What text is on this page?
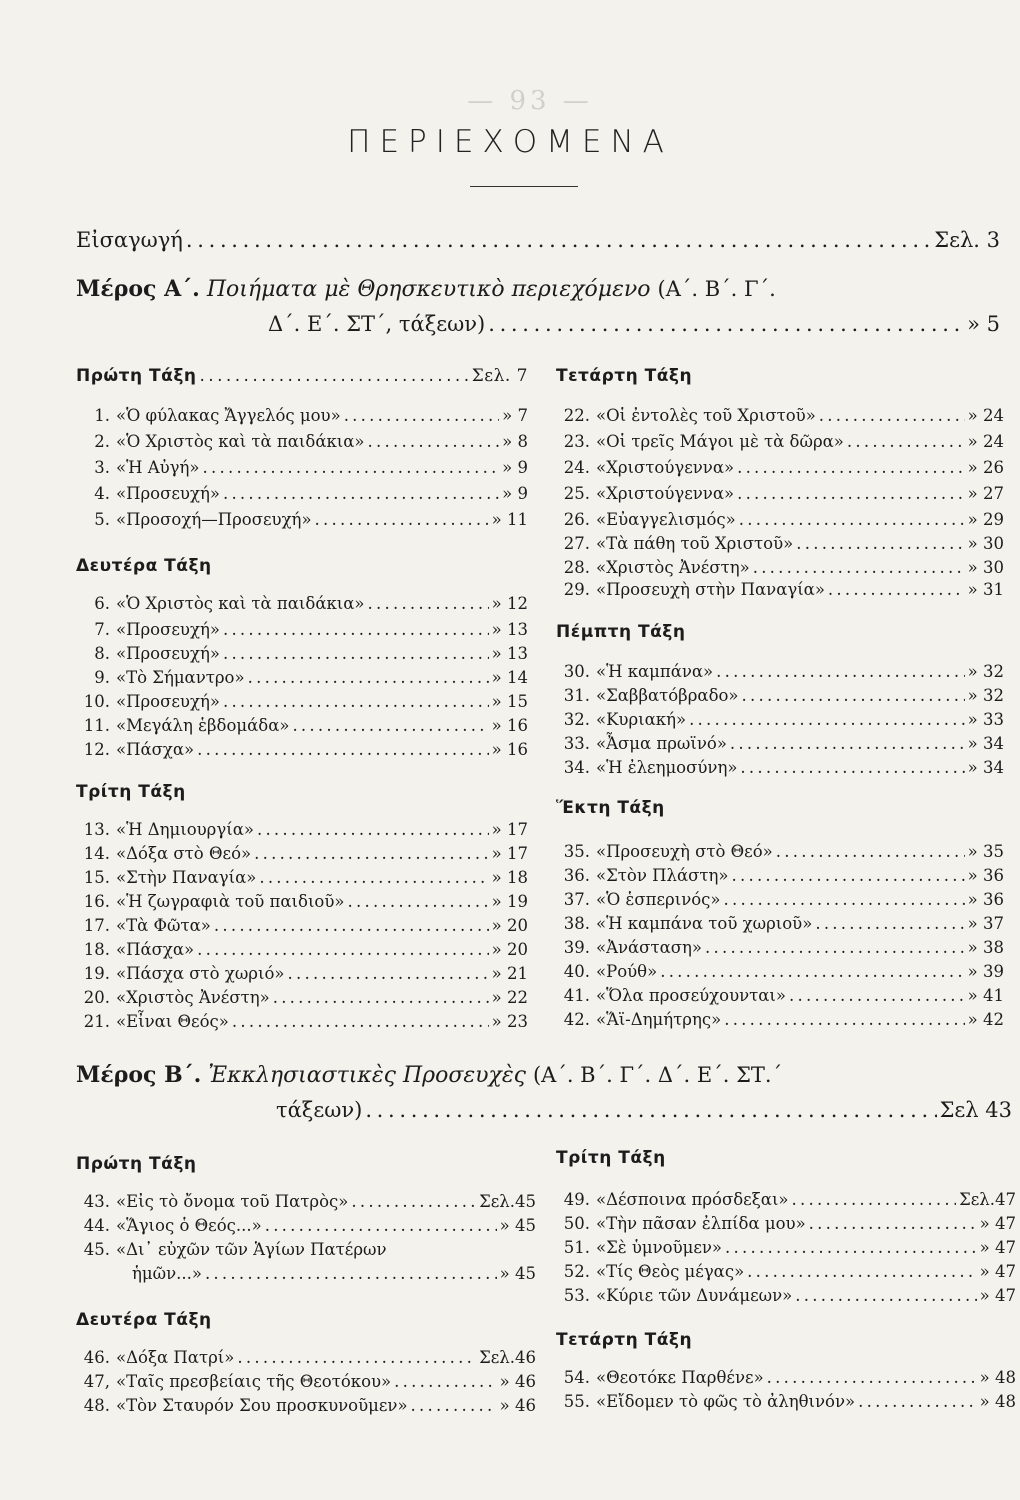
— 93 —
ΠΕΡΙΕΧΟΜΕΝΑ
Εἰσαγωγή . . .	Σελ. 3
Μέρος Α΄. Ποιήματα μὲ Θρησκευτικὸ περιεχόμενο (Α΄. Β΄. Γ΄.
Δ΄. Ε΄. ΣΤ΄, τάξεων) . . .	» 5
Πρώτη Τάξη . . .	Σελ. 7
1. «Ὁ φύλακας Ἄγγελός μου» . . .	» 7
2. «Ὁ Χριστὸς καὶ τὰ παιδάκια» . . .	» 8
3. «Ἡ Αὐγή» . . .	» 9
4. «Προσευχή» . . .	» 9
5. «Προσοχή—Προσευχή» . . .	» 11
Δευτέρα Τάξη
6. «Ὁ Χριστὸς καὶ τὰ παιδάκια» . . .	» 12
7. «Προσευχή» . . .	» 13
8. «Προσευχή» . . .	» 13
9. «Τὸ Σήμαντρο» . . .	» 14
10. «Προσευχή» . . .	» 15
11. «Μεγάλη ἑβδομάδα» . . .	» 16
12. «Πάσχα» . . .	» 16
Τρίτη Τάξη
13. «Ἡ Δημιουργία» . . .	» 17
14. «Δόξα στὸ Θεό» . . .	» 17
15. «Στὴν Παναγία» . . .	» 18
16. «Ἡ ζωγραφιὰ τοῦ παιδιοῦ» . . .	» 19
17. «Τὰ Φῶτα» . . .	» 20
18. «Πάσχα» . . .	» 20
19. «Πάσχα στὸ χωριό» . . .	» 21
20. «Χριστὸς Ἀνέστη» . . .	» 22
21. «Εἶναι Θεός» . . .	» 23
Τετάρτη Τάξη
22. «Οἱ ἐντολὲς τοῦ Χριστοῦ» . . .	» 24
23. «Οἱ τρεῖς Μάγοι μὲ τὰ δῶρα» . . .	» 24
24. «Χριστούγεννα» . . .	» 26
25. «Χριστούγεννα» . . .	» 27
26. «Εὐαγγελισμός» . . .	» 29
27. «Τὰ πάθη τοῦ Χριστοῦ» . . .	» 30
28. «Χριστὸς Ἀνέστη» . . .	» 30
29. «Προσευχὴ στὴν Παναγία» . . .	» 31
Πέμπτη Τάξη
30. «Ἡ καμπάνα» . . .	» 32
31. «Σαββατόβραδο» . . .	» 32
32. «Κυριακή» . . .	» 33
33. «Ἆσμα πρωϊνό» . . .	» 34
34. «Ἡ ἐλεημοσύνη» . . .	» 34
Ἕκτη Τάξη
35. «Προσευχὴ στὸ Θεό» . . .	» 35
36. «Στὸν Πλάστη» . . .	» 36
37. «Ὁ ἑσπερινός» . . .	» 36
38. «Ἡ καμπάνα τοῦ χωριοῦ» . . .	» 37
39. «Ἀνάσταση» . . .	» 38
40. «Ρούθ» . . .	» 39
41. «Ὅλα προσεύχουνται» . . .	» 41
42. «Ἅϊ-Δημήτρης» . . .	» 42
Μέρος Β΄. Ἐκκλησιαστικὲς Προσευχὲς (Α΄. Β΄. Γ΄. Δ΄. Ε΄. ΣΤ.΄
τάξεων) . . .	Σελ 43
Πρώτη Τάξη
43. «Εἰς τὸ ὄνομα τοῦ Πατρὸς» . . .	Σελ.45
44. «Ἅγιος ὁ Θεός...» . . .	» 45
45. «Δι᾽ εὐχῶν τῶν Ἁγίων Πατέρων
ἡμῶν...» . . .	» 45
Δευτέρα Τάξη
46. «Δόξα Πατρί» . . .	Σελ.46
47, «Ταῖς πρεσβείαις τῆς Θεοτόκου» . . .	» 46
48. «Τὸν Σταυρόν Σου προσκυνοῦμεν» . . .	» 46
Τρίτη Τάξη
49. «Δέσποινα πρόσδεξαι» . . .	Σελ.47
50. «Τὴν πᾶσαν ἐλπίδα μου» . . .	» 47
51. «Σὲ ὑμνοῦμεν» . . .	» 47
52. «Τίς Θεὸς μέγας» . . .	» 47
53. «Κύριε τῶν Δυνάμεων» . . .	» 47
Τετάρτη Τάξη
54. «Θεοτόκε Παρθένε» . . .	» 48
55. «Εἴδομεν τὸ φῶς τὸ ἀληθινόν» . . .	» 48
